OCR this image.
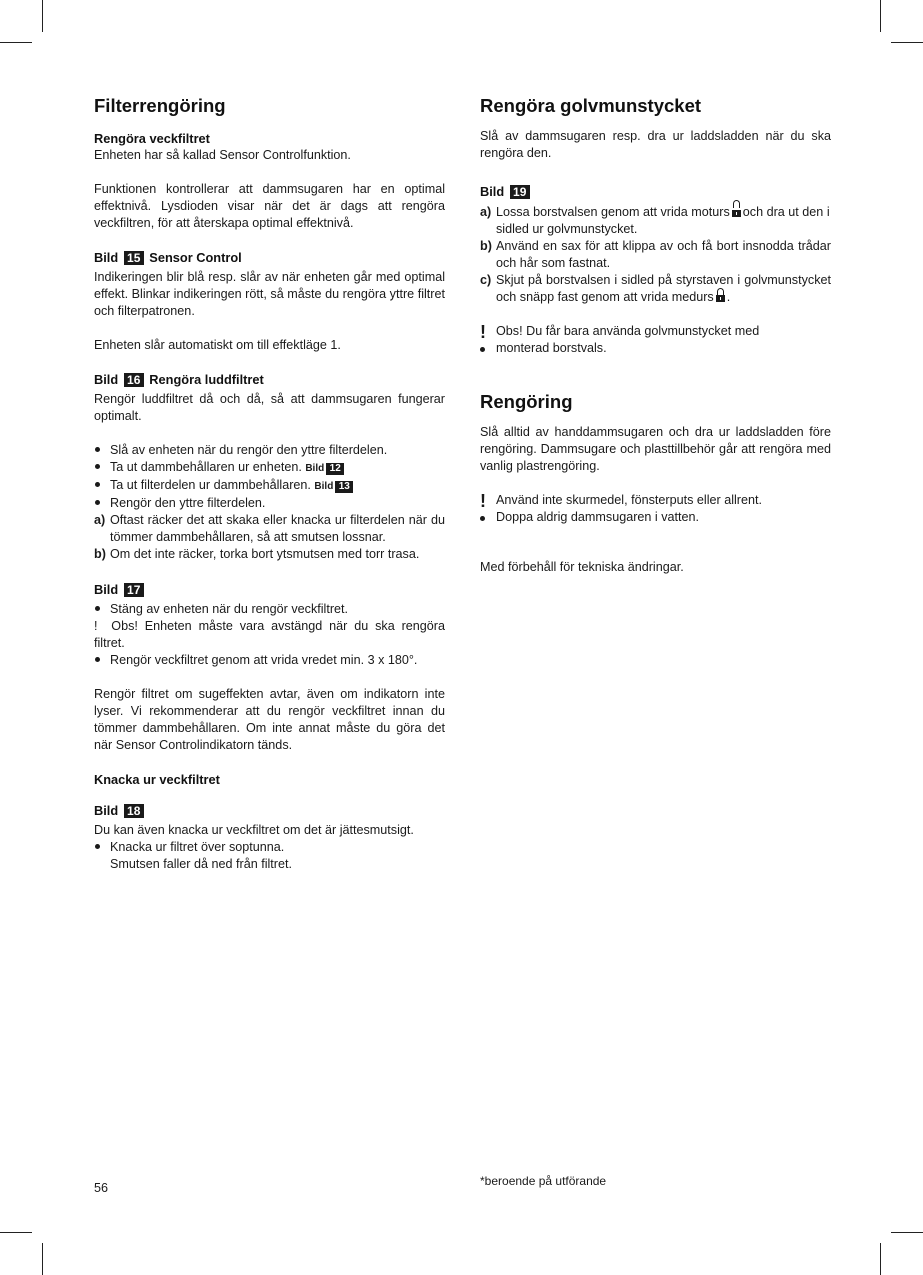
Filterrengöring
Rengöra veckfiltret

Enheten har så kallad Sensor Controlfunktion.

Funktionen kontrollerar att dammsugaren har en optimal effektnivå. Lysdioden visar när det är dags att rengöra veckfiltren, för att återskapa optimal effektnivå.

Bild 15 Sensor Control

Indikeringen blir blå resp. slår av när enheten går med optimal effekt. Blinkar indikeringen rött, så måste du rengöra yttre filtret och filterpatronen.

Enheten slår automatiskt om till effektläge 1.

Bild 16 Rengöra luddfiltret

Rengör luddfiltret då och då, så att dammsugaren fungerar optimalt.

Slå av enheten när du rengör den yttre filterdelen.
Ta ut dammbehållaren ur enheten. Bild 12
Ta ut filterdelen ur dammbehållaren. Bild 13
Rengör den yttre filterdelen.
a) Oftast räcker det att skaka eller knacka ur filterdelen när du tömmer dammbehållaren, så att smutsen lossnar.
b) Om det inte räcker, torka bort ytsmutsen med torr trasa.
Bild 17
Stäng av enheten när du rengör veckfiltret.

! Obs! Enheten måste vara avstängd när du ska rengöra filtret.

Rengör veckfiltret genom att vrida vredet min. 3 x 180°.

Rengör filtret om sugeffekten avtar, även om indikatorn inte lyser. Vi rekommenderar att du rengör veckfiltret innan du tömmer dammbehållaren. Om inte annat måste du göra det när Sensor Controlindikatorn tänds.

Knacka ur veckfiltret
Bild 18

Du kan även knacka ur veckfiltret om det är jättesmutsigt.

Knacka ur filtret över soptunna.
Smutsen faller då ned från filtret.
Rengöra golvmunstycket

Slå av dammsugaren resp. dra ur laddsladden när du ska rengöra den.

Bild 19
a) Lossa borstvalsen genom att vrida moturs och dra ut den i sidled ur golvmunstycket.
b) Använd en sax för att klippa av och få bort insnodda trådar och hår som fastnat.
c) Skjut på borstvalsen i sidled på styrstaven i golvmunstycket och snäpp fast genom att vrida medurs .
! Obs! Du får bara använda golvmunstycket med
monterad borstvals.
Rengöring

Slå alltid av handdammsugaren och dra ur laddsladden före rengöring. Dammsugare och plasttillbehör går att rengöra med vanlig plastrengöring.

! Använd inte skurmedel, fönsterputs eller allrent.
Doppa aldrig dammsugaren i vatten.

Med förbehåll för tekniska ändringar.

56	*beroende på utförande
